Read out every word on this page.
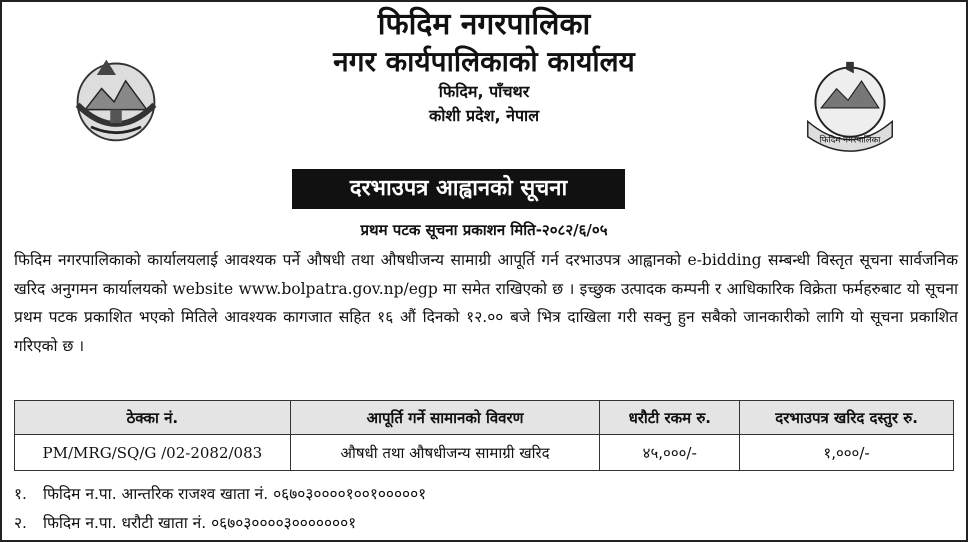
फिदिम नगरपालिका
फिदिम नगरपालिका
नगर कार्यपालिकाको कार्यालय
फिदिम, पाँचथर
कोशी प्रदेश, नेपाल
दरभाउपत्र आह्वानको सूचना
प्रथम पटक सूचना प्रकाशन मिति-२०८२/६/०५
फिदिम नगरपालिकाको कार्यालयलाई आवश्यक पर्ने औषधी तथा औषधीजन्य सामाग्री आपूर्ति गर्न दरभाउपत्र आह्वानको e-bidding सम्बन्धी विस्तृत सूचना सार्वजनिक खरिद अनुगमन कार्यालयको website www.bolpatra.gov.np/egp मा समेत राखिएको छ । इच्छुक उत्पादक कम्पनी र आधिकारिक विक्रेता फर्महरुबाट यो सूचना प्रथम पटक प्रकाशित भएको मितिले आवश्यक कागजात सहित १६ औं दिनको १२.०० बजे भित्र दाखिला गरी सक्नु हुन सबैको जानकारीको लागि यो सूचना प्रकाशित गरिएको छ ।
ठेक्का नं.	आपूर्ति गर्ने सामानको विवरण	धरौटी रकम रु.	दरभाउपत्र खरिद दस्तुर रु.
PM/MRG/SQ/G /02-2082/083	औषधी तथा औषधीजन्य सामाग्री खरिद	४५,०००/-	१,०००/-
१. फिदिम न.पा. आन्तरिक राजश्व खाता नं. ०६७०३००००१००१०००००१
२. फिदिम न.पा. धरौटी खाता नं. ०६७०३००००३०००००००१
